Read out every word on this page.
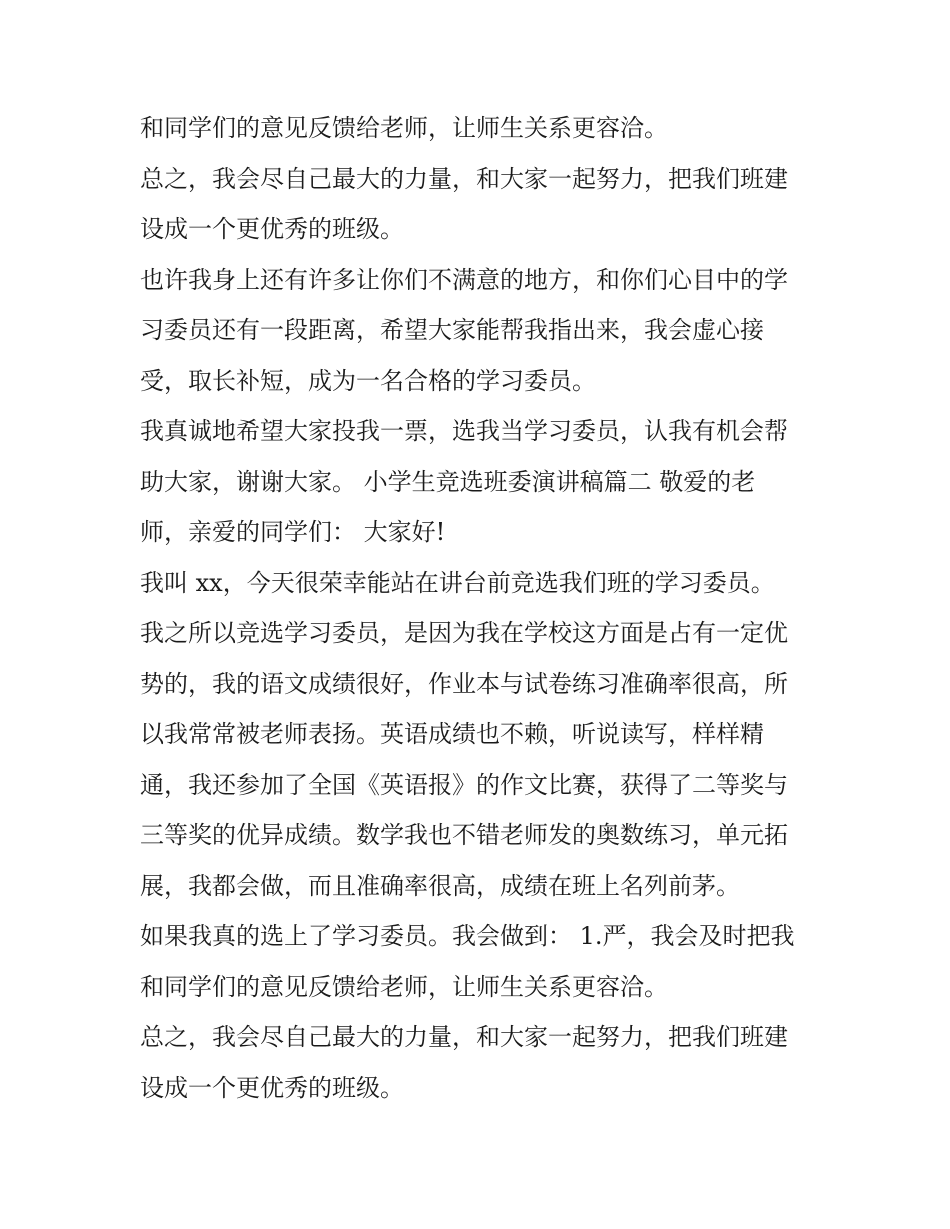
和同学们的意见反馈给老师，让师生关系更容洽。
总之，我会尽自己最大的力量，和大家一起努力，把我们班建
设成一个更优秀的班级。
也许我身上还有许多让你们不满意的地方，和你们心目中的学
习委员还有一段距离，希望大家能帮我指出来，我会虚心接
受，取长补短，成为一名合格的学习委员。
我真诚地希望大家投我一票，选我当学习委员，认我有机会帮
助大家，谢谢大家。 小学生竞选班委演讲稿篇二 敬爱的老
师，亲爱的同学们： 大家好!
我叫 xx，今天很荣幸能站在讲台前竞选我们班的学习委员。
我之所以竞选学习委员，是因为我在学校这方面是占有一定优
势的，我的语文成绩很好，作业本与试卷练习准确率很高，所
以我常常被老师表扬。英语成绩也不赖，听说读写，样样精
通，我还参加了全国《英语报》的作文比赛，获得了二等奖与
三等奖的优异成绩。数学我也不错老师发的奥数练习，单元拓
展，我都会做，而且准确率很高，成绩在班上名列前茅。
如果我真的选上了学习委员。我会做到： 1.严，我会及时把我
和同学们的意见反馈给老师，让师生关系更容洽。
总之，我会尽自己最大的力量，和大家一起努力，把我们班建
设成一个更优秀的班级。
